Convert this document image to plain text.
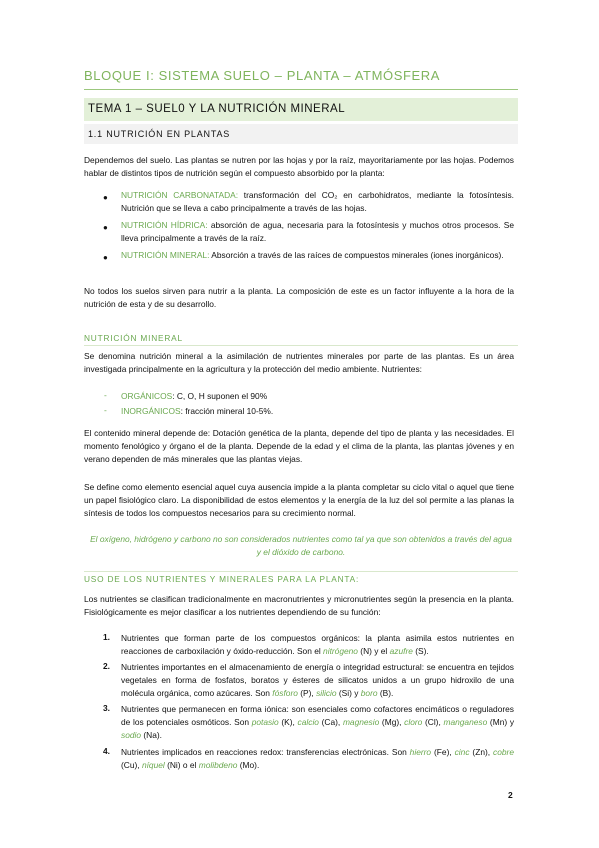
BLOQUE I: SISTEMA SUELO – PLANTA – ATMÓSFERA
TEMA 1 – SUEL0 Y LA NUTRICIÓN MINERAL
1.1 NUTRICIÓN EN PLANTAS
Dependemos del suelo. Las plantas se nutren por las hojas y por la raíz, mayoritariamente por las hojas. Podemos hablar de distintos tipos de nutrición según el compuesto absorbido por la planta:
●	NUTRICIÓN CARBONATADA: transformación del CO₂ en carbohidratos, mediante la fotosíntesis. Nutrición que se lleva a cabo principalmente a través de las hojas.
●	NUTRICIÓN HÍDRICA: absorción de agua, necesaria para la fotosíntesis y muchos otros procesos. Se lleva principalmente a través de la raíz.
●	NUTRICIÓN MINERAL: Absorción a través de las raíces de compuestos minerales (iones inorgánicos).
No todos los suelos sirven para nutrir a la planta. La composición de este es un factor influyente a la hora de la nutrición de esta y de su desarrollo.
NUTRICIÓN MINERAL
Se denomina nutrición mineral a la asimilación de nutrientes minerales por parte de las plantas. Es un área investigada principalmente en la agricultura y la protección del medio ambiente. Nutrientes:
- ORGÁNICOS: C, O, H suponen el 90%
- INORGÁNICOS: fracción mineral 10-5%.
El contenido mineral depende de: Dotación genética de la planta, depende del tipo de planta y las necesidades. El momento fenológico y órgano el de la planta. Depende de la edad y el clima de la planta, las plantas jóvenes y en verano dependen de más minerales que las plantas viejas.
Se define como elemento esencial aquel cuya ausencia impide a la planta completar su ciclo vital o aquel que tiene un papel fisiológico claro. La disponibilidad de estos elementos y la energía de la luz del sol permite a las planas la síntesis de todos los compuestos necesarios para su crecimiento normal.
El oxígeno, hidrógeno y carbono no son considerados nutrientes como tal ya que son obtenidos a través del agua y el dióxido de carbono.
USO DE LOS NUTRIENTES Y MINERALES PARA LA PLANTA:
Los nutrientes se clasifican tradicionalmente en macronutrientes y micronutrientes según la presencia en la planta. Fisiológicamente es mejor clasificar a los nutrientes dependiendo de su función:
1.	Nutrientes que forman parte de los compuestos orgánicos: la planta asimila estos nutrientes en reacciones de carboxilación y óxido-reducción. Son el nitrógeno (N) y el azufre (S).
2.	Nutrientes importantes en el almacenamiento de energía o integridad estructural: se encuentra en tejidos vegetales en forma de fosfatos, boratos y ésteres de silicatos unidos a un grupo hidroxilo de una molécula orgánica, como azúcares. Son fósforo (P), silicio (Si) y boro (B).
3.	Nutrientes que permanecen en forma iónica: son esenciales como cofactores encimáticos o reguladores de los potenciales osmóticos. Son potasio (K), calcio (Ca), magnesio (Mg), cloro (Cl), manganeso (Mn) y sodio (Na).
4.	Nutrientes implicados en reacciones redox: transferencias electrónicas. Son hierro (Fe), cinc (Zn), cobre (Cu), níquel (Ni) o el molibdeno (Mo).
2
